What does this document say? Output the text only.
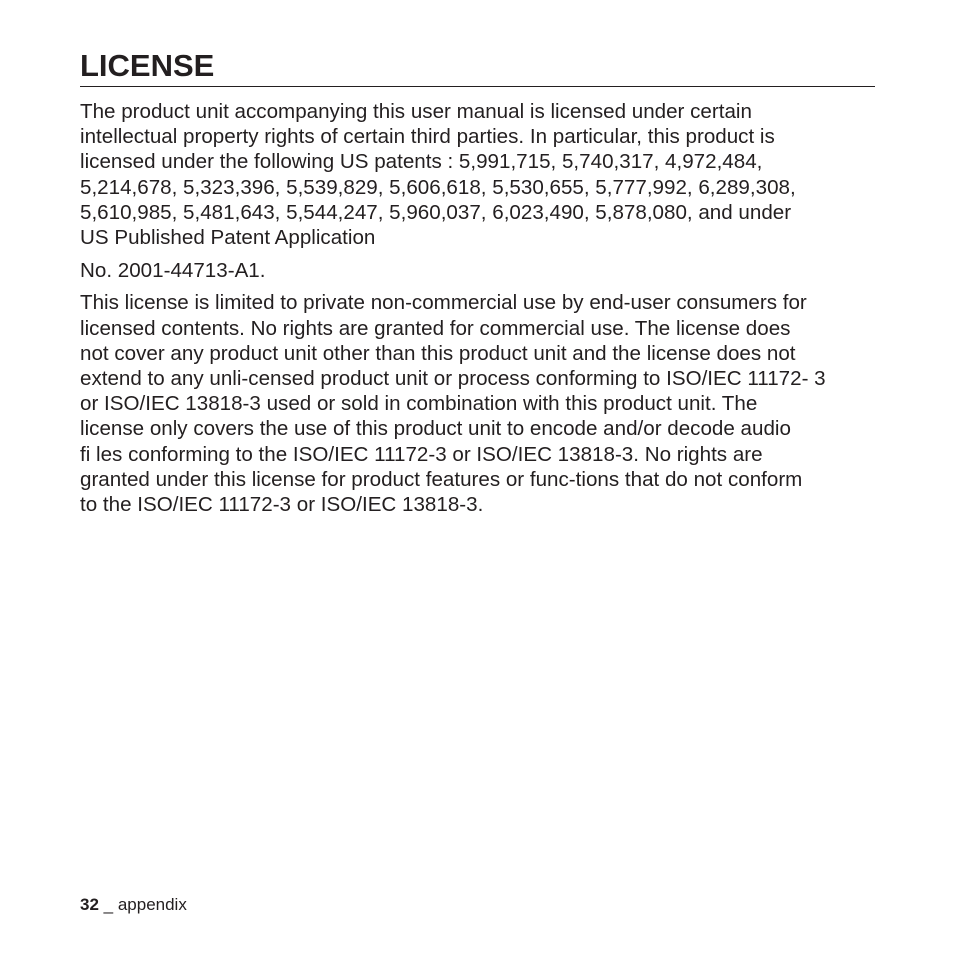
LICENSE

The product unit accompanying this user manual is licensed under certain
intellectual property rights of certain third parties. In particular, this product is
licensed under the following US patents : 5,991,715, 5,740,317, 4,972,484,
5,214,678, 5,323,396, 5,539,829, 5,606,618, 5,530,655, 5,777,992, 6,289,308,
5,610,985, 5,481,643, 5,544,247, 5,960,037, 6,023,490, 5,878,080, and under
US Published Patent Application

No. 2001-44713-A1.

This license is limited to private non-commercial use by end-user consumers for
licensed contents. No rights are granted for commercial use. The license does
not cover any product unit other than this product unit and the license does not
extend to any unli-censed product unit or process conforming to ISO/IEC 11172- 3
or ISO/IEC 13818-3 used or sold in combination with this product unit. The
license only covers the use of this product unit to encode and/or decode audio
fi les conforming to the ISO/IEC 11172-3 or ISO/IEC 13818-3. No rights are
granted under this license for product features or func-tions that do not conform
to the ISO/IEC 11172-3 or ISO/IEC 13818-3.

32 _ appendix
